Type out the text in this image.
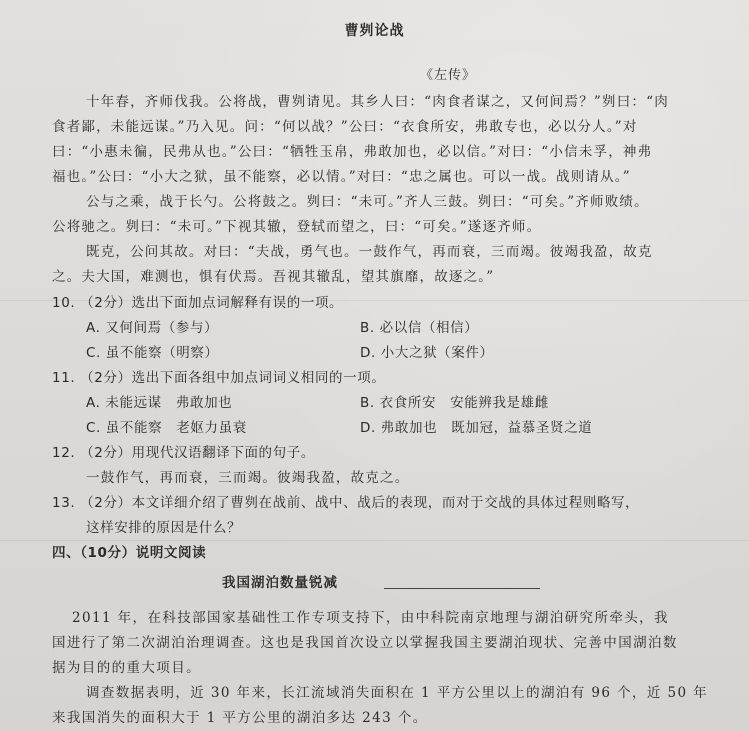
曹刿论战
《左传》
十年春，齐师伐我。公将战，曹刿请见。其乡人曰：“肉食者谋之，又何间焉？”刿曰：“肉
食者鄙，未能远谋。”乃入见。问：“何以战？”公曰：“衣食所安，弗敢专也，必以分人。”对
曰：“小惠未徧，民弗从也。”公曰：“牺牲玉帛，弗敢加也，必以信。”对曰：“小信未孚，神弗
福也。”公曰：“小大之狱，虽不能察，必以情。”对曰：“忠之属也。可以一战。战则请从。”
公与之乘，战于长勺。公将鼓之。刿曰：“未可。”齐人三鼓。刿曰：“可矣。”齐师败绩。
公将驰之。刿曰：“未可。”下视其辙，登轼而望之，曰：“可矣。”遂逐齐师。
既克，公问其故。对曰：“夫战，勇气也。一鼓作气，再而衰，三而竭。彼竭我盈，故克
之。夫大国，难测也，惧有伏焉。吾视其辙乱，望其旗靡，故逐之。”
10. （2分）选出下面加点词解释有误的一项。
A. 又何间焉（参与）	B. 必以信（相信）
C. 虽不能察（明察）	D. 小大之狱（案件）
11. （2分）选出下面各组中加点词词义相同的一项。
A. 未能远谋　弗敢加也	B. 衣食所安　安能辨我是雄雌
C. 虽不能察　老妪力虽衰	D. 弗敢加也　既加冠，益慕圣贤之道
12. （2分）用现代汉语翻译下面的句子。
一鼓作气，再而衰，三而竭。彼竭我盈，故克之。
13. （2分）本文详细介绍了曹刿在战前、战中、战后的表现，而对于交战的具体过程则略写，
这样安排的原因是什么？
四、（10分）说明文阅读
我国湖泊数量锐减
2011 年，在科技部国家基础性工作专项支持下，由中科院南京地理与湖泊研究所牵头，我
国进行了第二次湖泊治理调查。这也是我国首次设立以掌握我国主要湖泊现状、完善中国湖泊数
据为目的的重大项目。
调查数据表明，近 30 年来，长江流域消失面积在 1 平方公里以上的湖泊有 96 个，近 50 年
来我国消失的面积大于 1 平方公里的湖泊多达 243 个。
